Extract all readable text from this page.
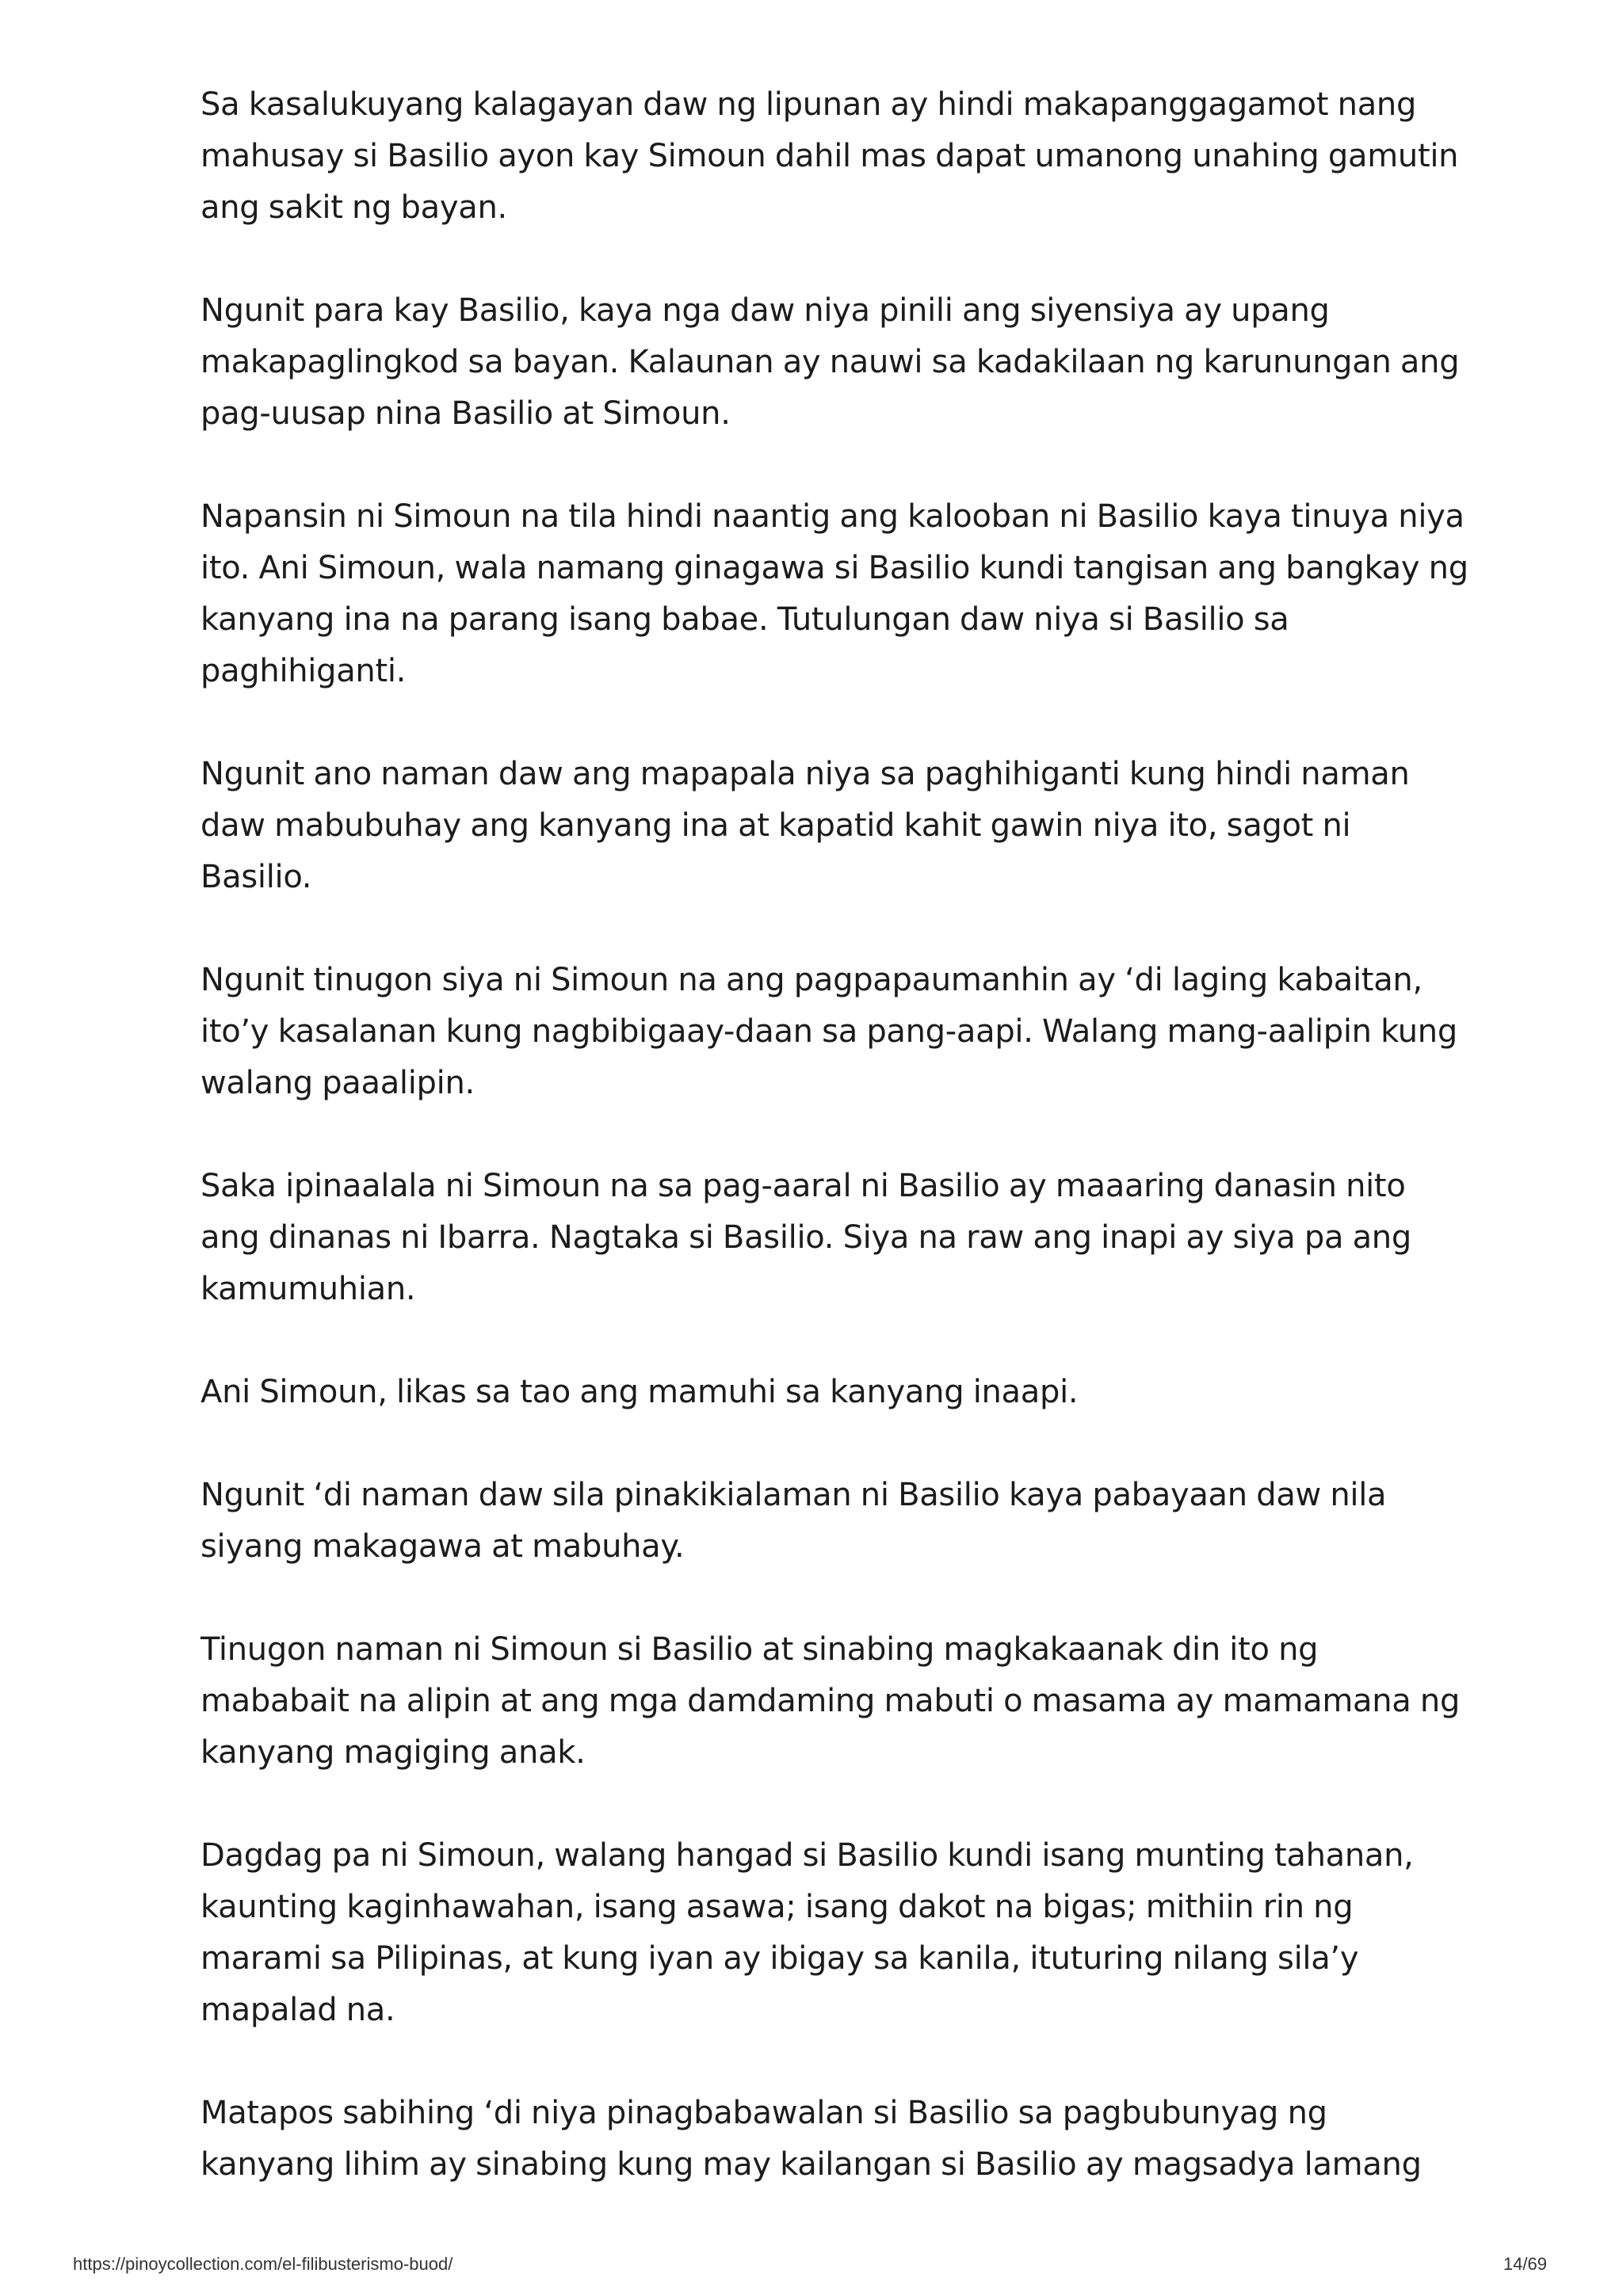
Sa kasalukuyang kalagayan daw ng lipunan ay hindi makapanggagamot nang mahusay si Basilio ayon kay Simoun dahil mas dapat umanong unahing gamutin ang sakit ng bayan.

Ngunit para kay Basilio, kaya nga daw niya pinili ang siyensiya ay upang makapaglingkod sa bayan. Kalaunan ay nauwi sa kadakilaan ng karunungan ang pag-uusap nina Basilio at Simoun.

Napansin ni Simoun na tila hindi naantig ang kalooban ni Basilio kaya tinuya niya ito. Ani Simoun, wala namang ginagawa si Basilio kundi tangisan ang bangkay ng kanyang ina na parang isang babae. Tutulungan daw niya si Basilio sa paghihiganti.

Ngunit ano naman daw ang mapapala niya sa paghihiganti kung hindi naman daw mabubuhay ang kanyang ina at kapatid kahit gawin niya ito, sagot ni Basilio.

Ngunit tinugon siya ni Simoun na ang pagpapaumanhin ay ‘di laging kabaitan, ito’y kasalanan kung nagbibigaay-daan sa pang-aapi. Walang mang-aalipin kung walang paaalipin.

Saka ipinaalala ni Simoun na sa pag-aaral ni Basilio ay maaaring danasin nito ang dinanas ni Ibarra. Nagtaka si Basilio. Siya na raw ang inapi ay siya pa ang kamumuhian.

Ani Simoun, likas sa tao ang mamuhi sa kanyang inaapi.

Ngunit ‘di naman daw sila pinakikialaman ni Basilio kaya pabayaan daw nila siyang makagawa at mabuhay.

Tinugon naman ni Simoun si Basilio at sinabing magkakaanak din ito ng mababait na alipin at ang mga damdaming mabuti o masama ay mamamana ng kanyang magiging anak.

Dagdag pa ni Simoun, walang hangad si Basilio kundi isang munting tahanan, kaunting kaginhawahan, isang asawa; isang dakot na bigas; mithiin rin ng marami sa Pilipinas, at kung iyan ay ibigay sa kanila, ituturing nilang sila’y mapalad na.

Matapos sabihing ‘di niya pinagbabawalan si Basilio sa pagbubunyag ng kanyang lihim ay sinabing kung may kailangan si Basilio ay magsadya lamang

https://pinoycollection.com/el-filibusterismo-buod/	14/69
